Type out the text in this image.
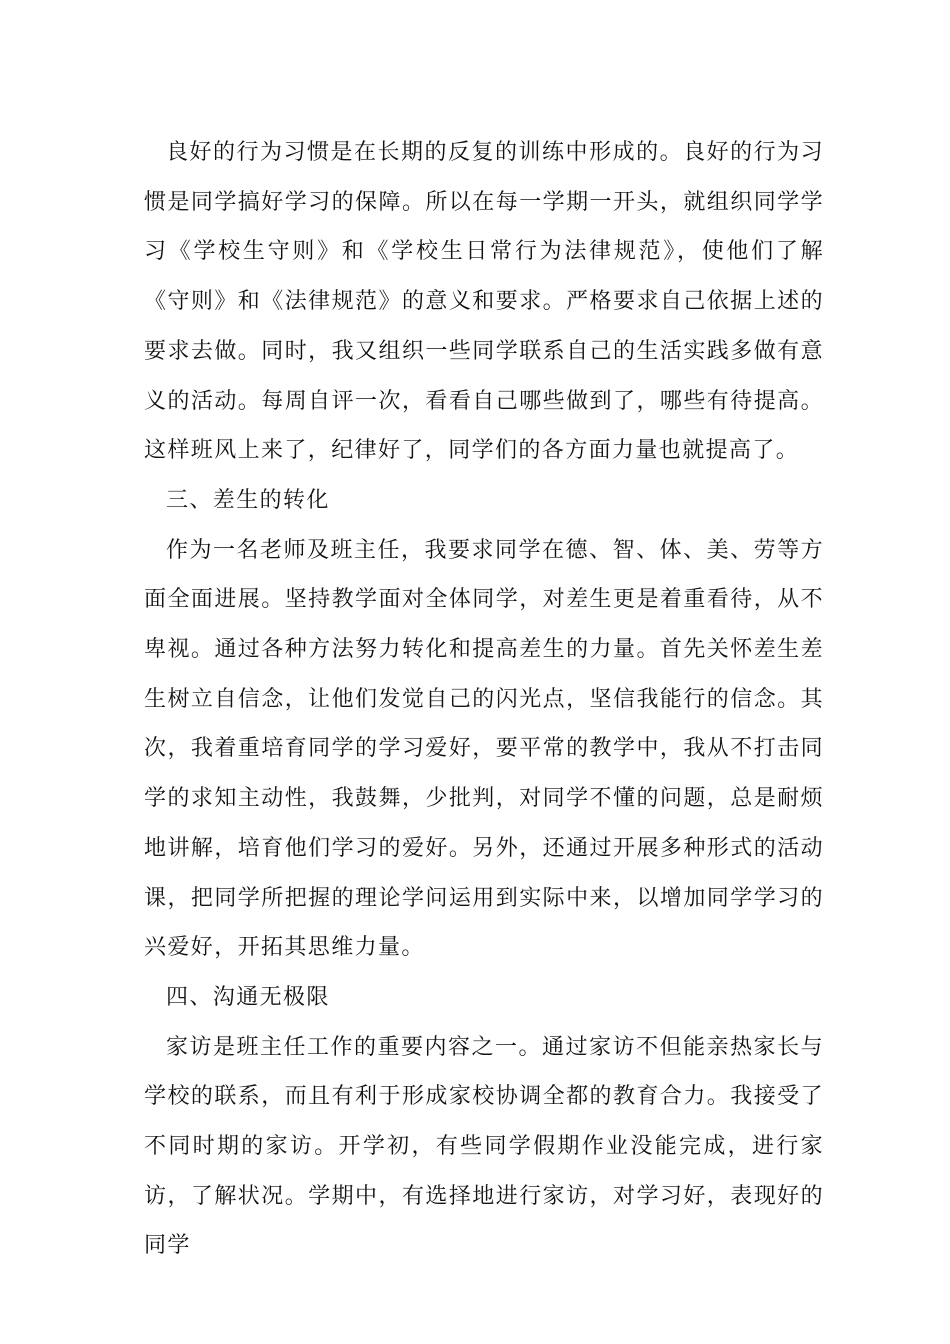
良好的行为习惯是在长期的反复的训练中形成的。良好的行为习惯是同学搞好学习的保障。所以在每一学期一开头，就组织同学学习《学校生守则》和《学校生日常行为法律规范》，使他们了解《守则》和《法律规范》的意义和要求。严格要求自己依据上述的要求去做。同时，我又组织一些同学联系自己的生活实践多做有意义的活动。每周自评一次，看看自己哪些做到了，哪些有待提高。这样班风上来了，纪律好了，同学们的各方面力量也就提高了。

三、差生的转化

作为一名老师及班主任，我要求同学在德、智、体、美、劳等方面全面进展。坚持教学面对全体同学，对差生更是着重看待，从不卑视。通过各种方法努力转化和提高差生的力量。首先关怀差生差生树立自信念，让他们发觉自己的闪光点，坚信我能行的信念。其次，我着重培育同学的学习爱好，要平常的教学中，我从不打击同学的求知主动性，我鼓舞，少批判，对同学不懂的问题，总是耐烦地讲解，培育他们学习的爱好。另外，还通过开展多种形式的活动课，把同学所把握的理论学问运用到实际中来，以增加同学学习的兴爱好，开拓其思维力量。

四、沟通无极限

家访是班主任工作的重要内容之一。通过家访不但能亲热家长与学校的联系，而且有利于形成家校协调全都的教育合力。我接受了不同时期的家访。开学初，有些同学假期作业没能完成，进行家访，了解状况。学期中，有选择地进行家访，对学习好，表现好的同学
